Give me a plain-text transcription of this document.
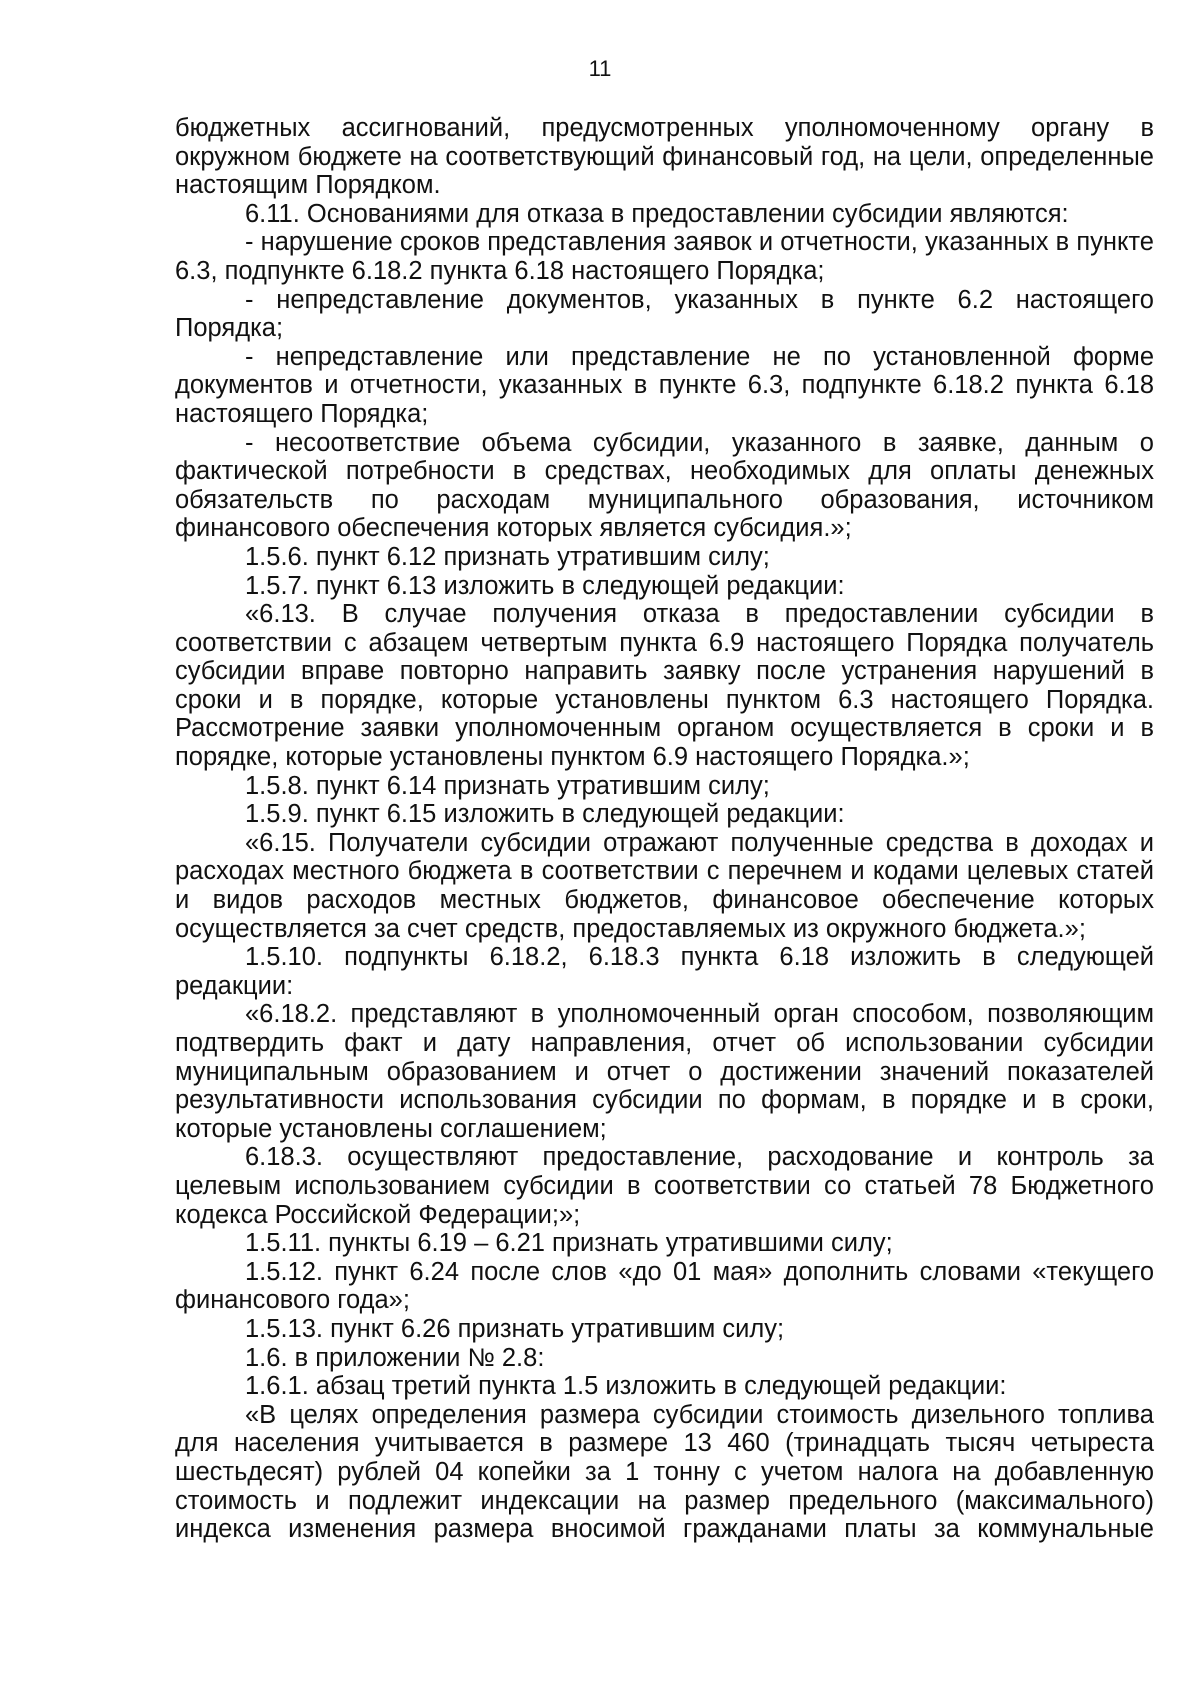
11

бюджетных ассигнований, предусмотренных уполномоченному органу в окружном бюджете на соответствующий финансовый год, на цели, определенные настоящим Порядком.

6.11. Основаниями для отказа в предоставлении субсидии являются:

- нарушение сроков представления заявок и отчетности, указанных в пункте 6.3, подпункте 6.18.2 пункта 6.18 настоящего Порядка;

- непредставление документов, указанных в пункте 6.2 настоящего Порядка;

- непредставление или представление не по установленной форме документов и отчетности, указанных в пункте 6.3, подпункте 6.18.2 пункта 6.18 настоящего Порядка;

- несоответствие объема субсидии, указанного в заявке, данным о фактической потребности в средствах, необходимых для оплаты денежных обязательств по расходам муниципального образования, источником финансового обеспечения которых является субсидия.»;

1.5.6. пункт 6.12 признать утратившим силу;

1.5.7. пункт 6.13 изложить в следующей редакции:

«6.13. В случае получения отказа в предоставлении субсидии в соответствии с абзацем четвертым пункта 6.9 настоящего Порядка получатель субсидии вправе повторно направить заявку после устранения нарушений в сроки и в порядке, которые установлены пунктом 6.3 настоящего Порядка. Рассмотрение заявки уполномоченным органом осуществляется в сроки и в порядке, которые установлены пунктом 6.9 настоящего Порядка.»;

1.5.8. пункт 6.14 признать утратившим силу;

1.5.9. пункт 6.15 изложить в следующей редакции:

«6.15. Получатели субсидии отражают полученные средства в доходах и расходах местного бюджета в соответствии с перечнем и кодами целевых статей и видов расходов местных бюджетов, финансовое обеспечение которых осуществляется за счет средств, предоставляемых из окружного бюджета.»;

1.5.10. подпункты 6.18.2, 6.18.3 пункта 6.18 изложить в следующей редакции:

«6.18.2. представляют в уполномоченный орган способом, позволяющим подтвердить факт и дату направления, отчет об использовании субсидии муниципальным образованием и отчет о достижении значений показателей результативности использования субсидии по формам, в порядке и в сроки, которые установлены соглашением;

6.18.3. осуществляют предоставление, расходование и контроль за целевым использованием субсидии в соответствии со статьей 78 Бюджетного кодекса Российской Федерации;»;

1.5.11. пункты 6.19 – 6.21 признать утратившими силу;

1.5.12. пункт 6.24 после слов «до 01 мая» дополнить словами «текущего финансового года»;

1.5.13. пункт 6.26 признать утратившим силу;

1.6. в приложении № 2.8:

1.6.1. абзац третий пункта 1.5 изложить в следующей редакции:

«В целях определения размера субсидии стоимость дизельного топлива для населения учитывается в размере 13 460 (тринадцать тысяч четыреста шестьдесят) рублей 04 копейки за 1 тонну с учетом налога на добавленную стоимость и подлежит индексации на размер предельного (максимального) индекса изменения размера вносимой гражданами платы за коммунальные
